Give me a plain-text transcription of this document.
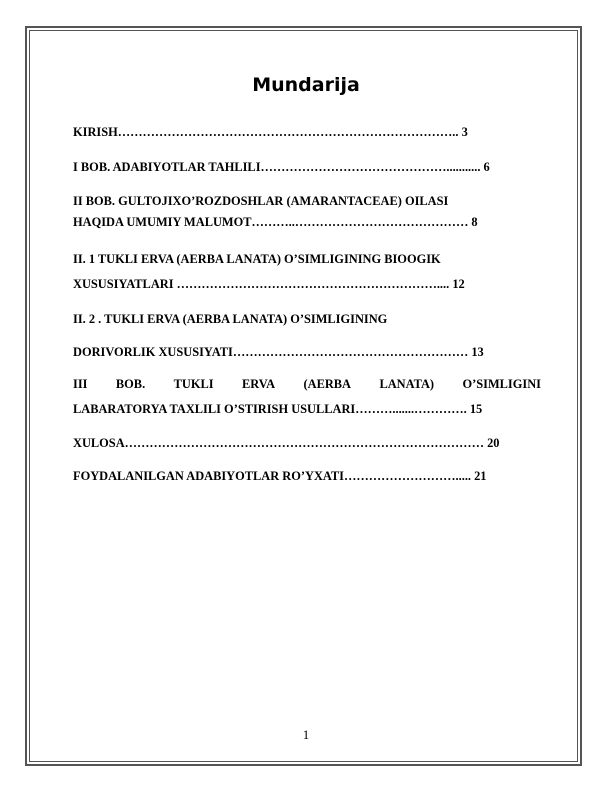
Mundarija

KIRISH……………………………………………………………………….. 3

I BOB. ADABIYOTLAR TAHLILI………………………………………........... 6

II BOB. GULTOJIXO’ROZDOSHLAR (AMARANTACEAE) OILASI

HAQIDA UMUMIY MALUMOT………..…………………………………… 8

II. 1 TUKLI ERVA (AERBA LANATA) O’SIMLIGINING BIOOGIK

XUSUSIYATLARI ……………………………………………………….... 12

II. 2 . TUKLI ERVA (AERBA LANATA) O’SIMLIGINING

DORIVORLIK XUSUSIYATI………………………………………………… 13

III BOB. TUKLI ERVA (AERBA LANATA) O’SIMLIGINI

LABARATORYA TAXLILI O’STIRISH USULLARI……….......…………. 15

XULOSA…………………………………………………………………………… 20

FOYDALANILGAN ADABIYOTLAR RO’YXATI………………………..... 21

1
